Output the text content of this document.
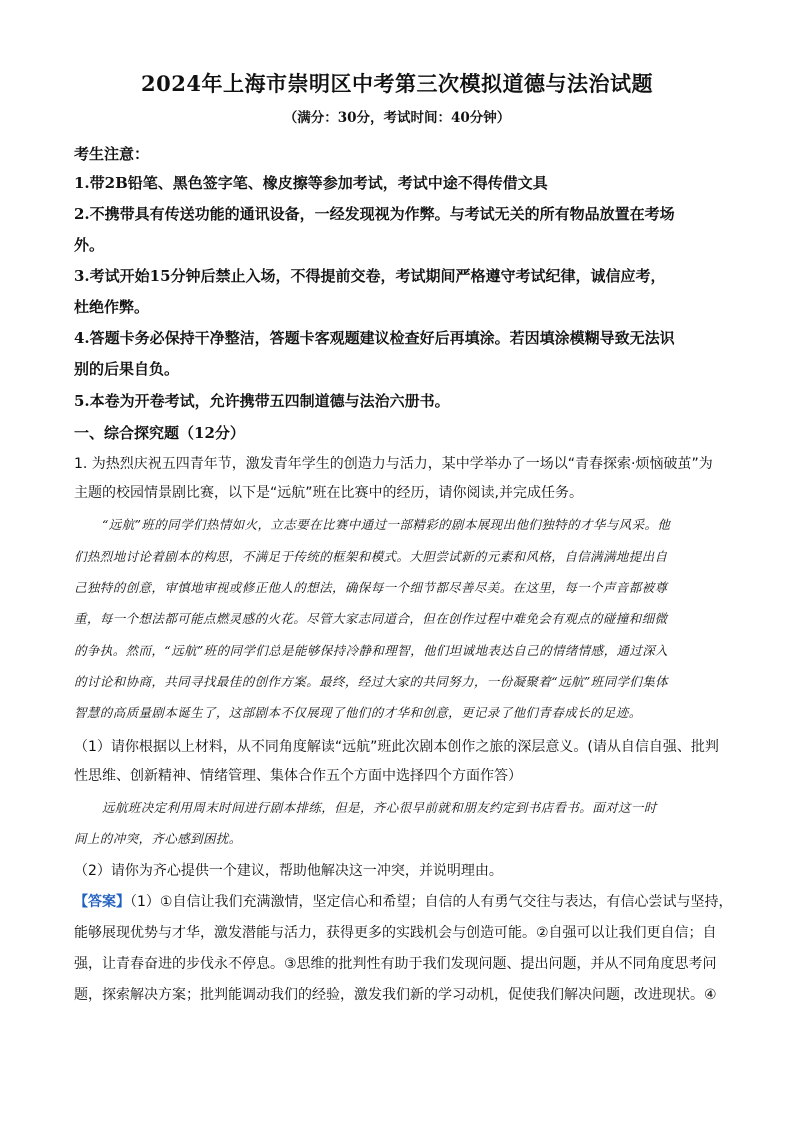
2024年上海市崇明区中考第三次模拟道德与法治试题
（满分：30分，考试时间：40分钟）
考生注意：
1.带2B铅笔、黑色签字笔、橡皮擦等参加考试，考试中途不得传借文具
2.不携带具有传送功能的通讯设备，一经发现视为作弊。与考试无关的所有物品放置在考场
外。
3.考试开始15分钟后禁止入场，不得提前交卷，考试期间严格遵守考试纪律，诚信应考，
杜绝作弊。
4.答题卡务必保持干净整洁，答题卡客观题建议检查好后再填涂。若因填涂模糊导致无法识
别的后果自负。
5.本卷为开卷考试，允许携带五四制道德与法治六册书。
一、综合探究题（12分）
1. 为热烈庆祝五四青年节，激发青年学生的创造力与活力，某中学举办了一场以“青春探索·烦恼破茧”为
主题的校园情景剧比赛，以下是“远航”班在比赛中的经历，请你阅读,并完成任务。
“远航”班的同学们热情如火，立志要在比赛中通过一部精彩的剧本展现出他们独特的才华与风采。他
们热烈地讨论着剧本的构思，不满足于传统的框架和模式。大胆尝试新的元素和风格，自信满满地提出自
己独特的创意，审慎地审视或修正他人的想法，确保每一个细节都尽善尽美。在这里，每一个声音都被尊
重，每一个想法都可能点燃灵感的火花。尽管大家志同道合，但在创作过程中难免会有观点的碰撞和细微
的争执。然而，“远航”班的同学们总是能够保持冷静和理智，他们坦诚地表达自己的情绪情感，通过深入
的讨论和协商，共同寻找最佳的创作方案。最终，经过大家的共同努力，一份凝聚着“远航”班同学们集体
智慧的高质量剧本诞生了，这部剧本不仅展现了他们的才华和创意，更记录了他们青春成长的足迹。
（1）请你根据以上材料，从不同角度解读“远航”班此次剧本创作之旅的深层意义。(请从自信自强、批判
性思维、创新精神、情绪管理、集体合作五个方面中选择四个方面作答）
远航班决定利用周末时间进行剧本排练，但是，齐心很早前就和朋友约定到书店看书。面对这一时
间上的冲突，齐心感到困扰。
（2）请你为齐心提供一个建议，帮助他解决这一冲突，并说明理由。
【答案】（1）①自信让我们充满激情，坚定信心和希望；自信的人有勇气交往与表达，有信心尝试与坚持，
能够展现优势与才华，激发潜能与活力，获得更多的实践机会与创造可能。②自强可以让我们更自信；自
强，让青春奋进的步伐永不停息。③思维的批判性有助于我们发现问题、提出问题，并从不同角度思考问
题，探索解决方案；批判能调动我们的经验，激发我们新的学习动机，促使我们解决问题，改进现状。④
